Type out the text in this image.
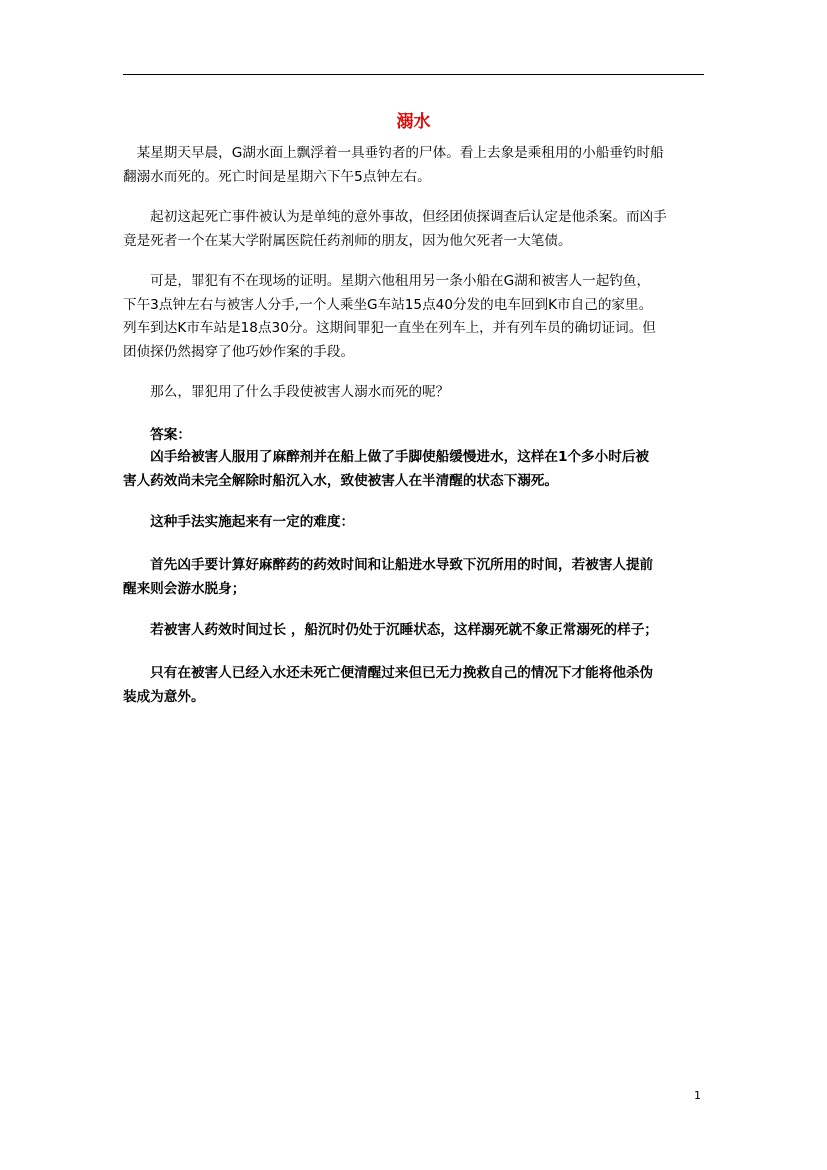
溺水

　某星期天早晨，G湖水面上飘浮着一具垂钓者的尸体。看上去象是乘租用的小船垂钓时船
翻溺水而死的。死亡时间是星期六下午5点钟左右。

　　起初这起死亡事件被认为是单纯的意外事故，但经团侦探调查后认定是他杀案。而凶手
竟是死者一个在某大学附属医院任药剂师的朋友，因为他欠死者一大笔债。

　　可是，罪犯有不在现场的证明。星期六他租用另一条小船在G湖和被害人一起钓鱼，
下午3点钟左右与被害人分手,一个人乘坐G车站15点40分发的电车回到K市自己的家里。
列车到达K市车站是18点30分。这期间罪犯一直坐在列车上，并有列车员的确切证词。但
团侦探仍然揭穿了他巧妙作案的手段。

　　那么，罪犯用了什么手段使被害人溺水而死的呢？

　　答案：

　　凶手给被害人服用了麻醉剂并在船上做了手脚使船缓慢进水，这样在1个多小时后被
害人药效尚未完全解除时船沉入水，致使被害人在半清醒的状态下溺死。

　　这种手法实施起来有一定的难度：

　　首先凶手要计算好麻醉药的药效时间和让船进水导致下沉所用的时间，若被害人提前
醒来则会游水脱身；

　　若被害人药效时间过长 ，船沉时仍处于沉睡状态，这样溺死就不象正常溺死的样子；

　　只有在被害人已经入水还未死亡便清醒过来但已无力挽救自己的情况下才能将他杀伪
装成为意外。

1
